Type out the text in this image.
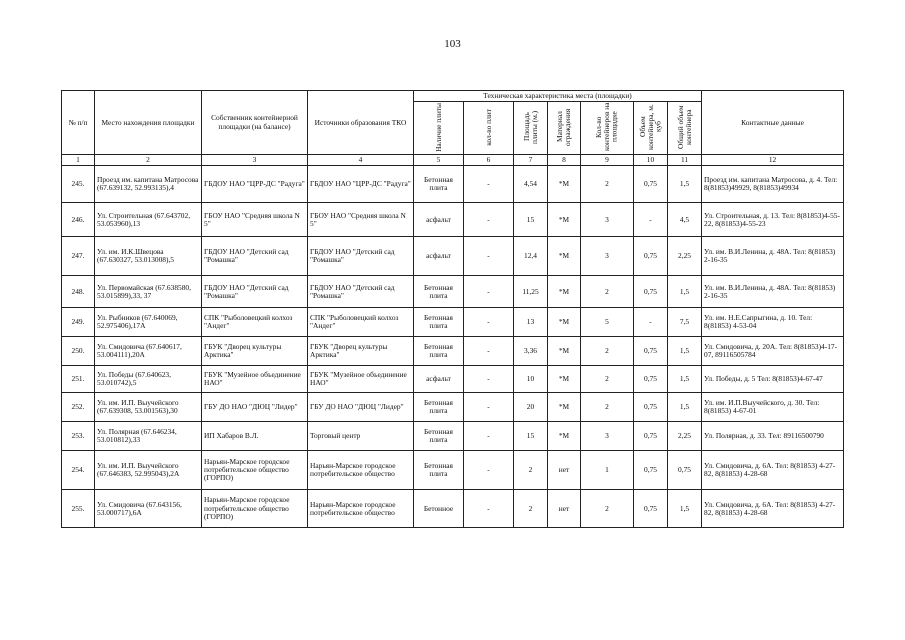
103
№ п/п	Место нахождения площадки	Собственник контейнерной площадки (на балансе)	Источники образования ТКО	Техническая характеристика места (площадки)							Контактные данные
				Наличие плиты	кол-во плит	Площадь плиты (м.)	Материал ограждения	Кол-во контейнеров на площадке	Объем контейнера, м. куб	Общий объем контейнера	
1	2	3	4	5	6	7	8	9	10	11	12
245.	Проезд им. капитана Матросова (67.639132, 52.993135),4	ГБДОУ НАО "ЦРР-ДС "Радуга"	ГБДОУ НАО "ЦРР-ДС "Радуга"	Бетонная плита	-	4,54	*М	2	0,75	1,5	Проезд им. капитана Матросова, д. 4. Тел: 8(81853)49929, 8(81853)49934
246.	Ул. Строительная (67.643702, 53.053960),13	ГБОУ НАО "Средняя школа N 5"	ГБОУ НАО "Средняя школа N 5"	асфальт	-	15	*М	3	-	4,5	Ул. Строительная, д. 13. Тел: 8(81853)4-55-22, 8(81853)4-55-23
247.	Ул. им. И.К.Швецова (67.630327, 53.013008),5	ГБДОУ НАО "Детский сад "Ромашка"	ГБДОУ НАО "Детский сад "Ромашка"	асфальт	-	12,4	*М	3	0,75	2,25	Ул. им. В.И.Ленина, д. 48А. Тел: 8(81853) 2-16-35
248.	Ул. Первомайская (67.638580, 53.015899),33, 37	ГБДОУ НАО "Детский сад "Ромашка"	ГБДОУ НАО "Детский сад "Ромашка"	Бетонная плита	-	11,25	*М	2	0,75	1,5	Ул. им. В.И.Ленина, д. 48А. Тел: 8(81853) 2-16-35
249.	Ул. Рыбников (67.640069, 52.975406),17А	СПК "Рыболовецкий колхоз "Андег"	СПК "Рыболовецкий колхоз "Андег"	Бетонная плита	-	13	*М	5	-	7,5	Ул. им. Н.Е.Сапрыгина, д. 10. Тел: 8(81853) 4-53-04
250.	Ул. Смидовича (67.640617, 53.004111),20А	ГБУК "Дворец культуры Арктика"	ГБУК "Дворец культуры Арктика"	Бетонная плита	-	3,36	*М	2	0,75	1,5	Ул. Смидовича, д. 20А. Тел: 8(81853)4-17-07, 89116505784
251.	Ул. Победы (67.640623, 53.010742),5	ГБУК "Музейное объединение НАО"	ГБУК "Музейное объединение НАО"	асфальт	-	10	*М	2	0,75	1,5	Ул. Победы, д. 5 Тел: 8(81853)4-67-47
252.	Ул. им. И.П. Выучейского (67.639308, 53.001563),30	ГБУ ДО НАО "ДЮЦ "Лидер"	ГБУ ДО НАО "ДЮЦ "Лидер"	Бетонная плита	-	20	*М	2	0,75	1,5	Ул. им. И.П.Выучейского, д. 30. Тел: 8(81853) 4-67-01
253.	Ул. Полярная (67.646234, 53.010812),33	ИП Хабаров В.Л.	Торговый центр	Бетонная плита	-	15	*М	3	0,75	2,25	Ул. Полярная, д. 33. Тел: 89116500790
254.	Ул. им. И.П. Выучейского (67.646383, 52.995043),2А	Нарьян-Марское городское потребительское общество (ГОРПО)	Нарьян-Марское городское потребительское общество	Бетонная плита	-	2	нет	1	0,75	0,75	Ул. Смидовича, д. 6А. Тел: 8(81853) 4-27-82, 8(81853) 4-28-68
255.	Ул. Смидовича (67.643156, 53.000717),6А	Нарьян-Марское городское потребительское общество (ГОРПО)	Нарьян-Марское городское потребительское общество	Бетонное	-	2	нет	2	0,75	1,5	Ул. Смидовича, д. 6А. Тел: 8(81853) 4-27-82, 8(81853) 4-28-68
